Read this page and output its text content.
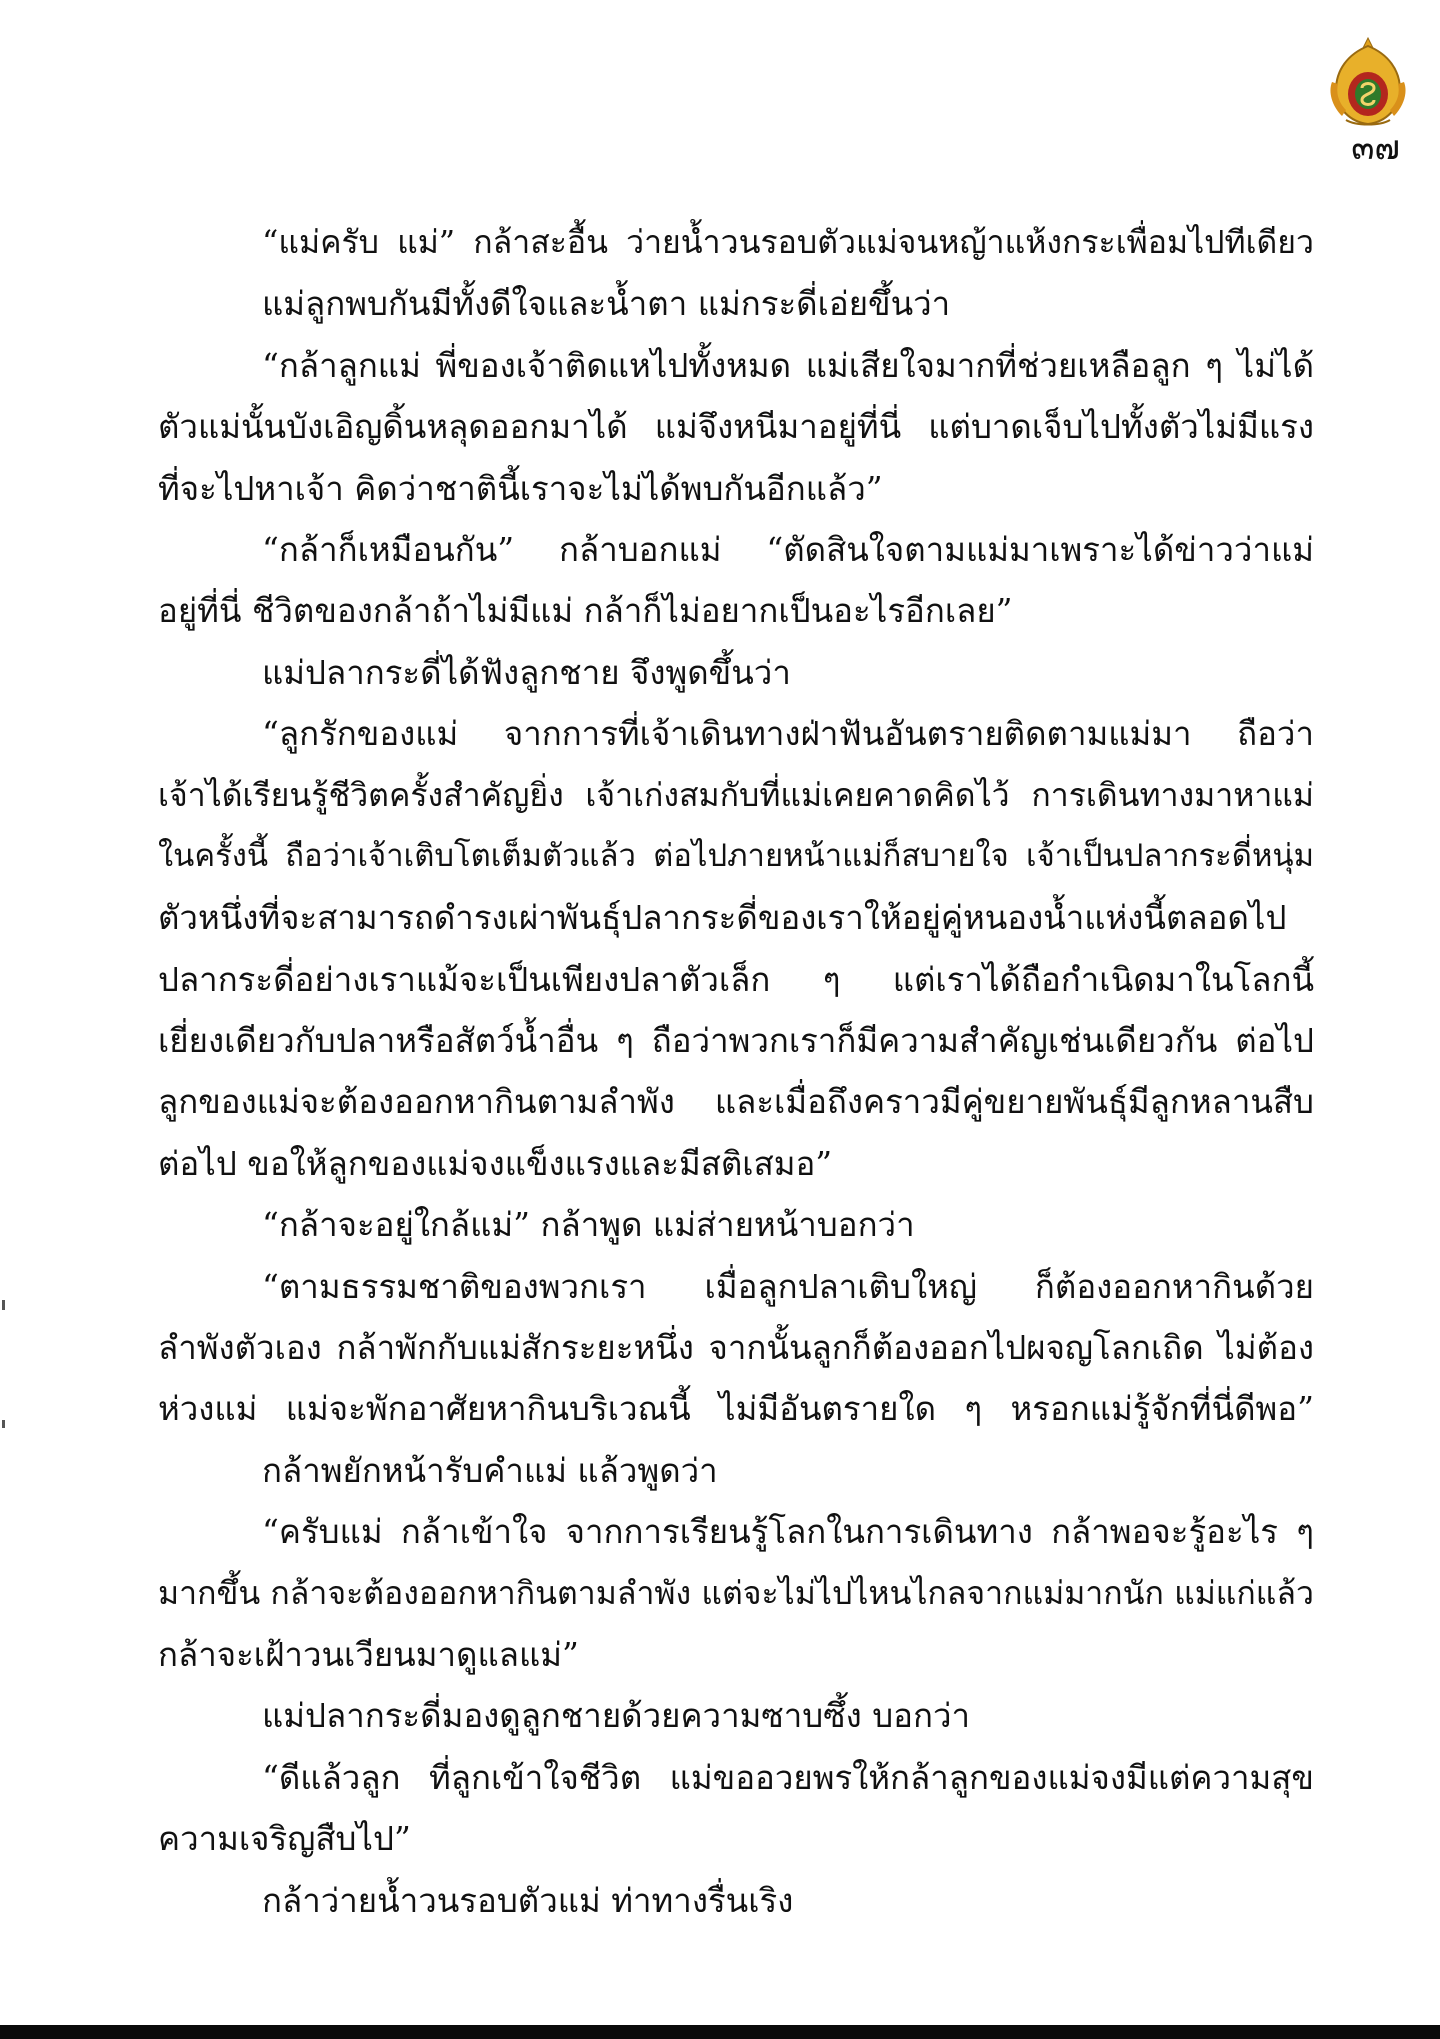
๓๗
“แม่ครับ แม่” กล้าสะอื้น ว่ายน้ำวนรอบตัวแม่จนหญ้าแห้งกระเพื่อมไปทีเดียว
แม่ลูกพบกันมีทั้งดีใจและน้ำตา แม่กระดี่เอ่ยขึ้นว่า
“กล้าลูกแม่ พี่ของเจ้าติดแหไปทั้งหมด แม่เสียใจมากที่ช่วยเหลือลูก ๆ ไม่ได้
ตัวแม่นั้นบังเอิญดิ้นหลุดออกมาได้ แม่จึงหนีมาอยู่ที่นี่ แต่บาดเจ็บไปทั้งตัวไม่มีแรง
ที่จะไปหาเจ้า คิดว่าชาตินี้เราจะไม่ได้พบกันอีกแล้ว”
“กล้าก็เหมือนกัน” กล้าบอกแม่ “ตัดสินใจตามแม่มาเพราะได้ข่าวว่าแม่
อยู่ที่นี่ ชีวิตของกล้าถ้าไม่มีแม่ กล้าก็ไม่อยากเป็นอะไรอีกเลย”
แม่ปลากระดี่ได้ฟังลูกชาย จึงพูดขึ้นว่า
“ลูกรักของแม่ จากการที่เจ้าเดินทางฝ่าฟันอันตรายติดตามแม่มา ถือว่า
เจ้าได้เรียนรู้ชีวิตครั้งสำคัญยิ่ง เจ้าเก่งสมกับที่แม่เคยคาดคิดไว้ การเดินทางมาหาแม่
ในครั้งนี้ ถือว่าเจ้าเติบโตเต็มตัวแล้ว ต่อไปภายหน้าแม่ก็สบายใจ เจ้าเป็นปลากระดี่หนุ่ม
ตัวหนึ่งที่จะสามารถดำรงเผ่าพันธุ์ปลากระดี่ของเราให้อยู่คู่หนองน้ำแห่งนี้ตลอดไป
ปลากระดี่อย่างเราแม้จะเป็นเพียงปลาตัวเล็ก ๆ แต่เราได้ถือกำเนิดมาในโลกนี้
เยี่ยงเดียวกับปลาหรือสัตว์น้ำอื่น ๆ ถือว่าพวกเราก็มีความสำคัญเช่นเดียวกัน ต่อไป
ลูกของแม่จะต้องออกหากินตามลำพัง และเมื่อถึงคราวมีคู่ขยายพันธุ์มีลูกหลานสืบ
ต่อไป ขอให้ลูกของแม่จงแข็งแรงและมีสติเสมอ”
“กล้าจะอยู่ใกล้แม่” กล้าพูด แม่ส่ายหน้าบอกว่า
“ตามธรรมชาติของพวกเรา เมื่อลูกปลาเติบใหญ่ ก็ต้องออกหากินด้วย
ลำพังตัวเอง กล้าพักกับแม่สักระยะหนึ่ง จากนั้นลูกก็ต้องออกไปผจญโลกเถิด ไม่ต้อง
ห่วงแม่ แม่จะพักอาศัยหากินบริเวณนี้ ไม่มีอันตรายใด ๆ หรอกแม่รู้จักที่นี่ดีพอ”
กล้าพยักหน้ารับคำแม่ แล้วพูดว่า
“ครับแม่ กล้าเข้าใจ จากการเรียนรู้โลกในการเดินทาง กล้าพอจะรู้อะไร ๆ
มากขึ้น กล้าจะต้องออกหากินตามลำพัง แต่จะไม่ไปไหนไกลจากแม่มากนัก แม่แก่แล้ว
กล้าจะเฝ้าวนเวียนมาดูแลแม่”
แม่ปลากระดี่มองดูลูกชายด้วยความซาบซึ้ง บอกว่า
“ดีแล้วลูก ที่ลูกเข้าใจชีวิต แม่ขออวยพรให้กล้าลูกของแม่จงมีแต่ความสุข
ความเจริญสืบไป”
กล้าว่ายน้ำวนรอบตัวแม่ ท่าทางรื่นเริง
